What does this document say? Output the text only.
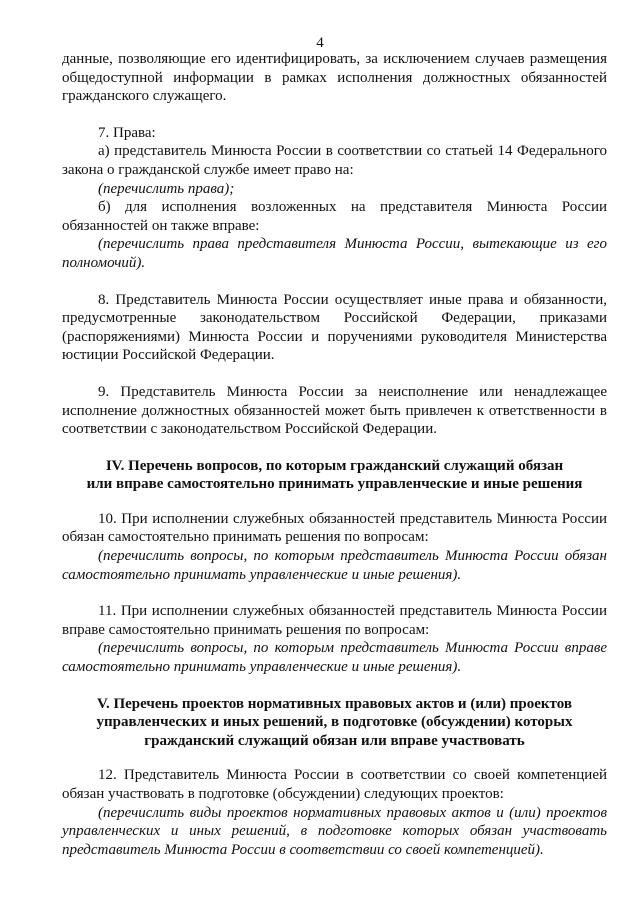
4

данные, позволяющие его идентифицировать, за исключением случаев размещения общедоступной информации в рамках исполнения должностных обязанностей гражданского служащего.

7. Права:

а) представитель Минюста России в соответствии со статьей 14 Федерального закона о гражданской службе имеет право на:

(перечислить права);

б) для исполнения возложенных на представителя Минюста России обязанностей он также вправе:

(перечислить права представителя Минюста России, вытекающие из его полномочий).

8. Представитель Минюста России осуществляет иные права и обязанности, предусмотренные законодательством Российской Федерации, приказами (распоряжениями) Минюста России и поручениями руководителя Министерства юстиции Российской Федерации.

9. Представитель Минюста России за неисполнение или ненадлежащее исполнение должностных обязанностей может быть привлечен к ответственности в соответствии с законодательством Российской Федерации.

IV. Перечень вопросов, по которым гражданский служащий обязан
или вправе самостоятельно принимать управленческие и иные решения

10. При исполнении служебных обязанностей представитель Минюста России обязан самостоятельно принимать решения по вопросам:

(перечислить вопросы, по которым представитель Минюста России обязан самостоятельно принимать управленческие и иные решения).

11. При исполнении служебных обязанностей представитель Минюста России вправе самостоятельно принимать решения по вопросам:

(перечислить вопросы, по которым представитель Минюста России вправе самостоятельно принимать управленческие и иные решения).

V. Перечень проектов нормативных правовых актов и (или) проектов
управленческих и иных решений, в подготовке (обсуждении) которых
гражданский служащий обязан или вправе участвовать

12. Представитель Минюста России в соответствии со своей компетенцией обязан участвовать в подготовке (обсуждении) следующих проектов:

(перечислить виды проектов нормативных правовых актов и (или) проектов управленческих и иных решений, в подготовке которых обязан участвовать представитель Минюста России в соответствии со своей компетенцией).
